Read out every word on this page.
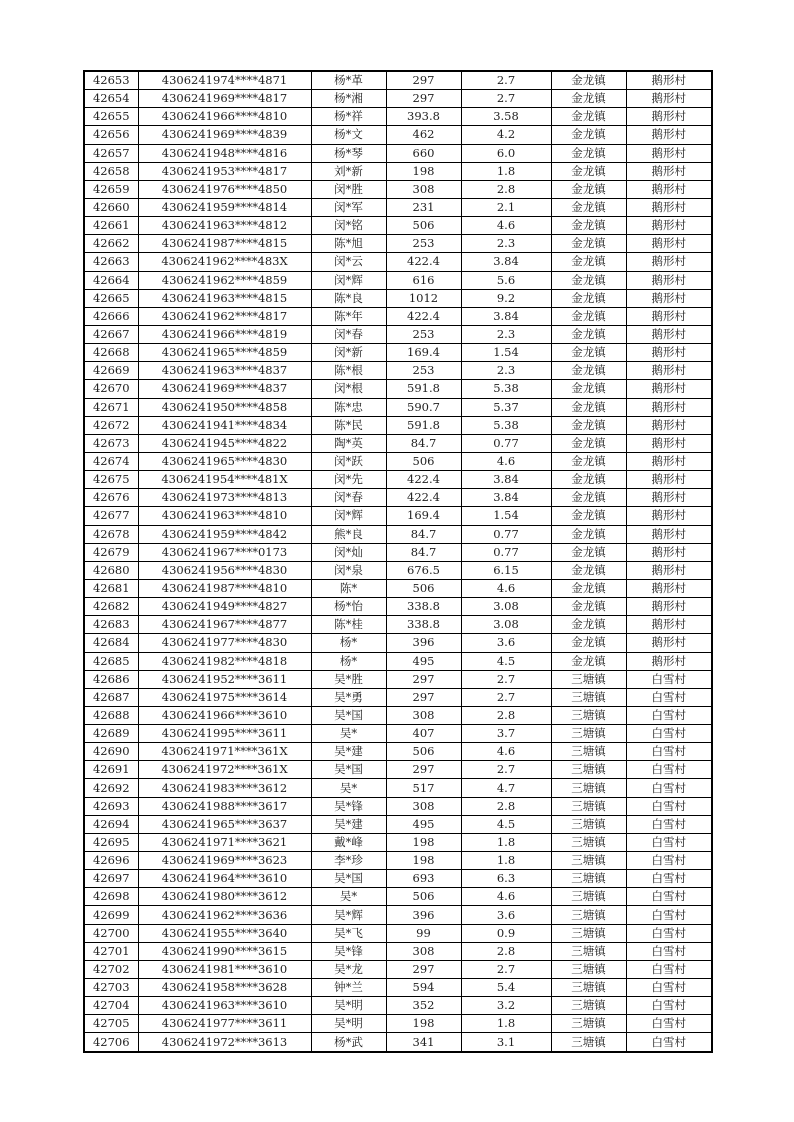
42653	4306241974****4871	杨*革	297	2.7	金龙镇	鹅形村
42654	4306241969****4817	杨*湘	297	2.7	金龙镇	鹅形村
42655	4306241966****4810	杨*祥	393.8	3.58	金龙镇	鹅形村
42656	4306241969****4839	杨*文	462	4.2	金龙镇	鹅形村
42657	4306241948****4816	杨*琴	660	6.0	金龙镇	鹅形村
42658	4306241953****4817	刘*新	198	1.8	金龙镇	鹅形村
42659	4306241976****4850	闵*胜	308	2.8	金龙镇	鹅形村
42660	4306241959****4814	闵*军	231	2.1	金龙镇	鹅形村
42661	4306241963****4812	闵*铭	506	4.6	金龙镇	鹅形村
42662	4306241987****4815	陈*旭	253	2.3	金龙镇	鹅形村
42663	4306241962****483X	闵*云	422.4	3.84	金龙镇	鹅形村
42664	4306241962****4859	闵*辉	616	5.6	金龙镇	鹅形村
42665	4306241963****4815	陈*良	1012	9.2	金龙镇	鹅形村
42666	4306241962****4817	陈*年	422.4	3.84	金龙镇	鹅形村
42667	4306241966****4819	闵*春	253	2.3	金龙镇	鹅形村
42668	4306241965****4859	闵*新	169.4	1.54	金龙镇	鹅形村
42669	4306241963****4837	陈*根	253	2.3	金龙镇	鹅形村
42670	4306241969****4837	闵*根	591.8	5.38	金龙镇	鹅形村
42671	4306241950****4858	陈*忠	590.7	5.37	金龙镇	鹅形村
42672	4306241941****4834	陈*民	591.8	5.38	金龙镇	鹅形村
42673	4306241945****4822	陶*英	84.7	0.77	金龙镇	鹅形村
42674	4306241965****4830	闵*跃	506	4.6	金龙镇	鹅形村
42675	4306241954****481X	闵*先	422.4	3.84	金龙镇	鹅形村
42676	4306241973****4813	闵*春	422.4	3.84	金龙镇	鹅形村
42677	4306241963****4810	闵*辉	169.4	1.54	金龙镇	鹅形村
42678	4306241959****4842	熊*良	84.7	0.77	金龙镇	鹅形村
42679	4306241967****0173	闵*灿	84.7	0.77	金龙镇	鹅形村
42680	4306241956****4830	闵*泉	676.5	6.15	金龙镇	鹅形村
42681	4306241987****4810	陈*	506	4.6	金龙镇	鹅形村
42682	4306241949****4827	杨*怡	338.8	3.08	金龙镇	鹅形村
42683	4306241967****4877	陈*桂	338.8	3.08	金龙镇	鹅形村
42684	4306241977****4830	杨*	396	3.6	金龙镇	鹅形村
42685	4306241982****4818	杨*	495	4.5	金龙镇	鹅形村
42686	4306241952****3611	吴*胜	297	2.7	三塘镇	白雪村
42687	4306241975****3614	吴*勇	297	2.7	三塘镇	白雪村
42688	4306241966****3610	吴*国	308	2.8	三塘镇	白雪村
42689	4306241995****3611	吴*	407	3.7	三塘镇	白雪村
42690	4306241971****361X	吴*建	506	4.6	三塘镇	白雪村
42691	4306241972****361X	吴*国	297	2.7	三塘镇	白雪村
42692	4306241983****3612	吴*	517	4.7	三塘镇	白雪村
42693	4306241988****3617	吴*锋	308	2.8	三塘镇	白雪村
42694	4306241965****3637	吴*建	495	4.5	三塘镇	白雪村
42695	4306241971****3621	戴*峰	198	1.8	三塘镇	白雪村
42696	4306241969****3623	李*珍	198	1.8	三塘镇	白雪村
42697	4306241964****3610	吴*国	693	6.3	三塘镇	白雪村
42698	4306241980****3612	吴*	506	4.6	三塘镇	白雪村
42699	4306241962****3636	吴*辉	396	3.6	三塘镇	白雪村
42700	4306241955****3640	吴*飞	99	0.9	三塘镇	白雪村
42701	4306241990****3615	吴*锋	308	2.8	三塘镇	白雪村
42702	4306241981****3610	吴*龙	297	2.7	三塘镇	白雪村
42703	4306241958****3628	钟*兰	594	5.4	三塘镇	白雪村
42704	4306241963****3610	吴*明	352	3.2	三塘镇	白雪村
42705	4306241977****3611	吴*明	198	1.8	三塘镇	白雪村
42706	4306241972****3613	杨*武	341	3.1	三塘镇	白雪村
